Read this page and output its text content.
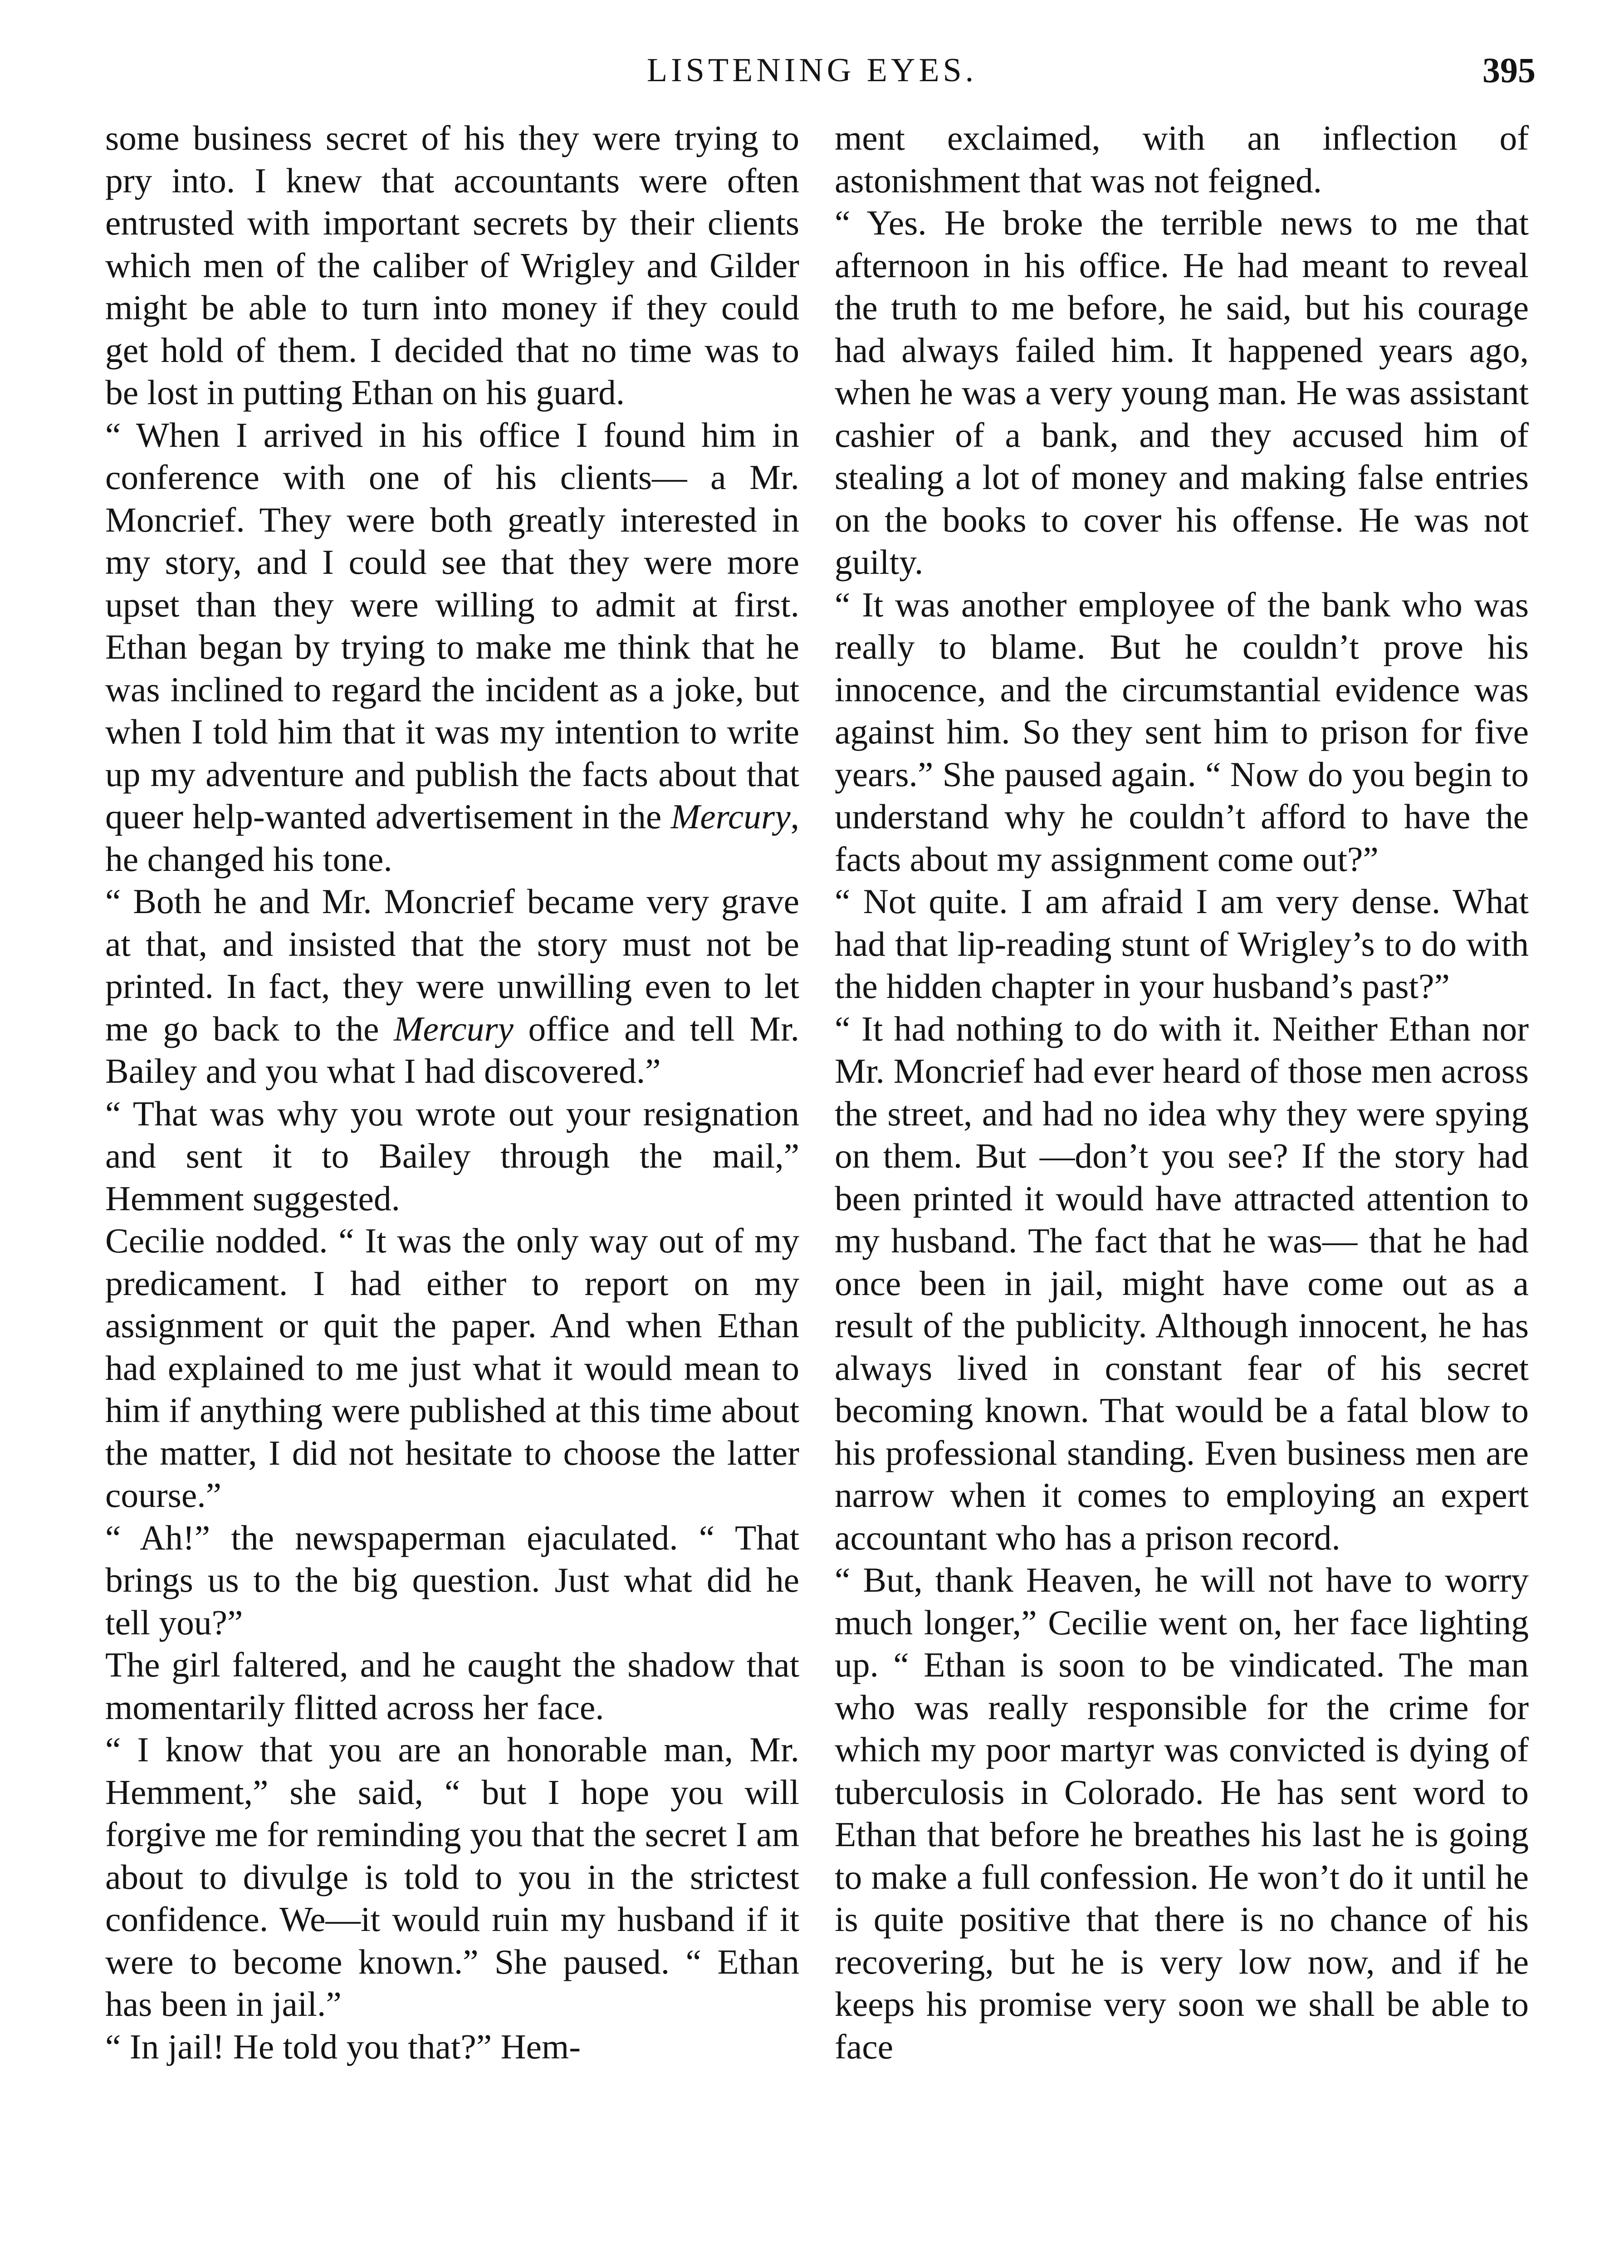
LISTENING EYES.	395

some business secret of his they were trying to pry into. I knew that accountants were often entrusted with important secrets by their clients which men of the caliber of Wrigley and Gilder might be able to turn into money if they could get hold of them. I decided that no time was to be lost in putting Ethan on his guard.

“ When I arrived in his office I found him in conference with one of his clients— a Mr. Moncrief. They were both greatly interested in my story, and I could see that they were more upset than they were willing to admit at first. Ethan began by trying to make me think that he was inclined to regard the incident as a joke, but when I told him that it was my intention to write up my adventure and publish the facts about that queer help-wanted advertisement in the Mercury, he changed his tone.

“ Both he and Mr. Moncrief became very grave at that, and insisted that the story must not be printed. In fact, they were unwilling even to let me go back to the Mercury office and tell Mr. Bailey and you what I had discovered.”

“ That was why you wrote out your resignation and sent it to Bailey through the mail,” Hemment suggested.

Cecilie nodded. “ It was the only way out of my predicament. I had either to report on my assignment or quit the paper. And when Ethan had explained to me just what it would mean to him if anything were published at this time about the matter, I did not hesitate to choose the latter course.”

“ Ah!” the newspaperman ejaculated. “ That brings us to the big question. Just what did he tell you?”

The girl faltered, and he caught the shadow that momentarily flitted across her face.

“ I know that you are an honorable man, Mr. Hemment,” she said, “ but I hope you will forgive me for reminding you that the secret I am about to divulge is told to you in the strictest confidence. We—it would ruin my husband if it were to become known.” She paused. “ Ethan has been in jail.”

“ In jail! He told you that?” Hem-

ment exclaimed, with an inflection of astonishment that was not feigned.

“ Yes. He broke the terrible news to me that afternoon in his office. He had meant to reveal the truth to me before, he said, but his courage had always failed him. It happened years ago, when he was a very young man. He was assistant cashier of a bank, and they accused him of stealing a lot of money and making false entries on the books to cover his offense. He was not guilty.

“ It was another employee of the bank who was really to blame. But he couldn’t prove his innocence, and the circumstantial evidence was against him. So they sent him to prison for five years.” She paused again. “ Now do you begin to understand why he couldn’t afford to have the facts about my assignment come out?”

“ Not quite. I am afraid I am very dense. What had that lip-reading stunt of Wrigley’s to do with the hidden chapter in your husband’s past?”

“ It had nothing to do with it. Neither Ethan nor Mr. Moncrief had ever heard of those men across the street, and had no idea why they were spying on them. But —don’t you see? If the story had been printed it would have attracted attention to my husband. The fact that he was— that he had once been in jail, might have come out as a result of the publicity. Although innocent, he has always lived in constant fear of his secret becoming known. That would be a fatal blow to his professional standing. Even business men are narrow when it comes to employing an expert accountant who has a prison record.

“ But, thank Heaven, he will not have to worry much longer,” Cecilie went on, her face lighting up. “ Ethan is soon to be vindicated. The man who was really responsible for the crime for which my poor martyr was convicted is dying of tuberculosis in Colorado. He has sent word to Ethan that before he breathes his last he is going to make a full confession. He won’t do it until he is quite positive that there is no chance of his recovering, but he is very low now, and if he keeps his promise very soon we shall be able to face
